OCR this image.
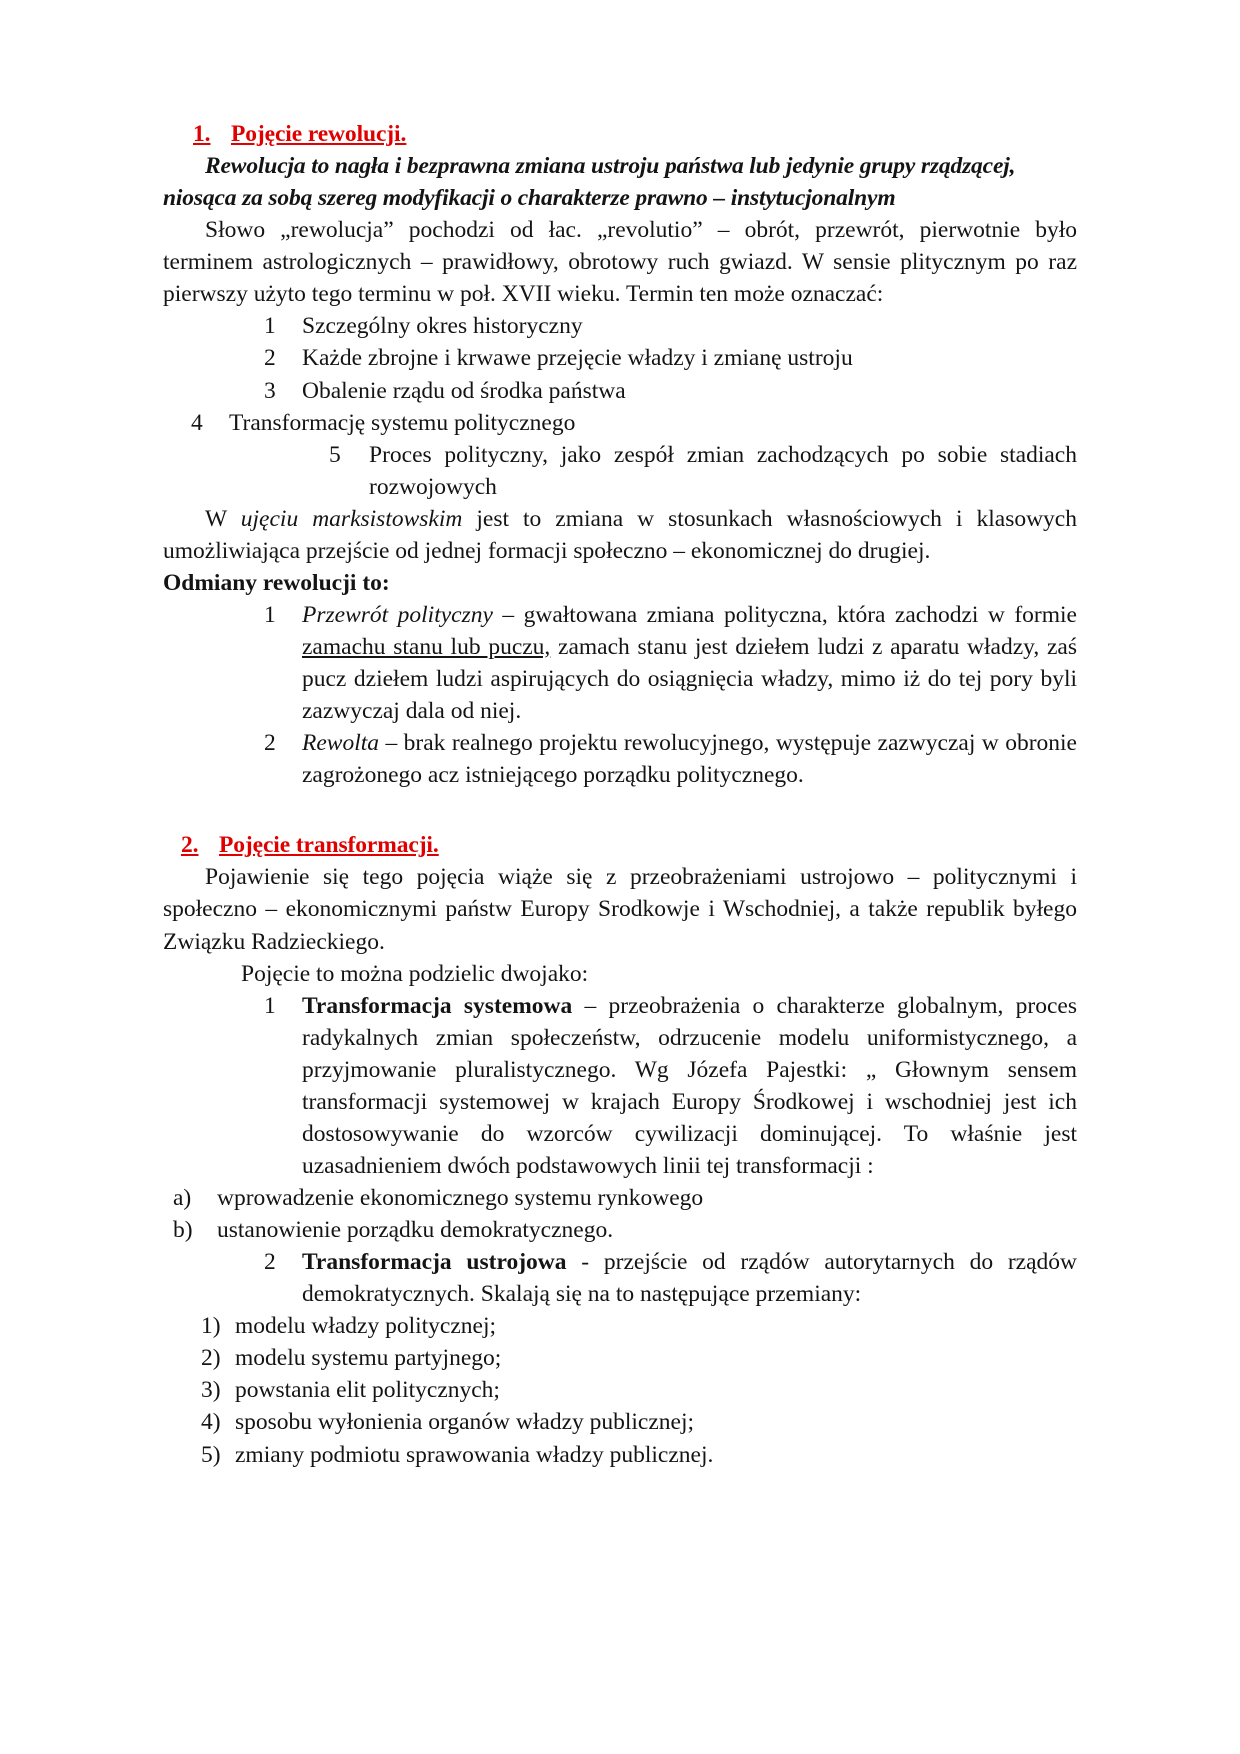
1. Pojęcie rewolucji.

Rewolucja to nagła i bezprawna zmiana ustroju państwa lub jedynie grupy rządzącej,

niosąca za sobą szereg modyfikacji o charakterze prawno – instytucjonalnym

Słowo „rewolucja” pochodzi od łac. „revolutio” – obrót, przewrót, pierwotnie było terminem astrologicznych – prawidłowy, obrotowy ruch gwiazd. W sensie plitycznym po raz pierwszy użyto tego terminu w poł. XVII wieku. Termin ten może oznaczać:

1	Szczególny okres historyczny
2	Każde zbrojne i krwawe przejęcie władzy i zmianę ustroju
3	Obalenie rządu od środka państwa
4	Transformację systemu politycznego
5	Proces polityczny, jako zespół zmian zachodzących po sobie stadiach rozwojowych

W ujęciu marksistowskim jest to zmiana w stosunkach własnościowych i klasowych umożliwiająca przejście od jednej formacji społeczno – ekonomicznej do drugiej.

Odmiany rewolucji to:

1	Przewrót polityczny – gwałtowana zmiana polityczna, która zachodzi w formie zamachu stanu lub puczu, zamach stanu jest dziełem ludzi z aparatu władzy, zaś pucz dziełem ludzi aspirujących do osiągnięcia władzy, mimo iż do tej pory byli zazwyczaj dala od niej.
2	Rewolta – brak realnego projektu rewolucyjnego, występuje zazwyczaj w obronie zagrożonego acz istniejącego porządku politycznego.
2. Pojęcie transformacji.

Pojawienie się tego pojęcia wiąże się z przeobrażeniami ustrojowo – politycznymi i społeczno – ekonomicznymi państw Europy Srodkowje i Wschodniej, a także republik byłego Związku Radzieckiego.

Pojęcie to można podzielic dwojako:

1	Transformacja systemowa – przeobrażenia o charakterze globalnym, proces radykalnych zmian społeczeństw, odrzucenie modelu uniformistycznego, a przyjmowanie pluralistycznego. Wg Józefa Pajestki: „ Głownym sensem transformacji systemowej w krajach Europy Środkowej i wschodniej jest ich dostosowywanie do wzorców cywilizacji dominującej. To właśnie jest uzasadnieniem dwóch podstawowych linii tej transformacji :
a)	wprowadzenie ekonomicznego systemu rynkowego
b)	ustanowienie porządku demokratycznego.
2	Transformacja ustrojowa - przejście od rządów autorytarnych do rządów demokratycznych. Skalają się na to następujące przemiany:
1) modelu władzy politycznej;
2) modelu systemu partyjnego;
3) powstania elit politycznych;
4) sposobu wyłonienia organów władzy publicznej;
5) zmiany podmiotu sprawowania władzy publicznej.
